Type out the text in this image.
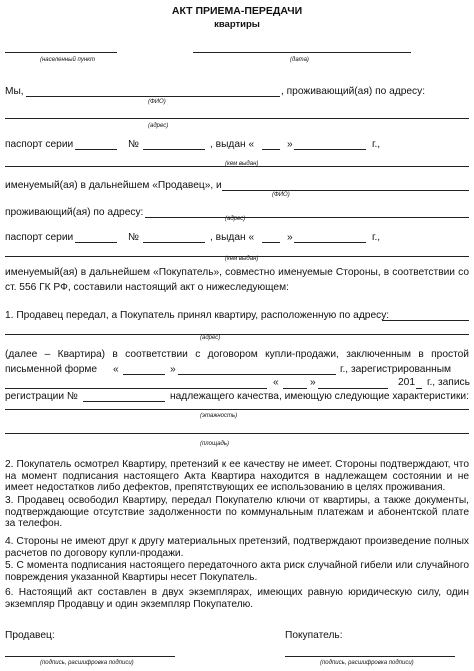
АКТ ПРИЕМА-ПЕРЕДАЧИ
квартиры
(населенный пункт	(дата)
Мы,	, проживающий(ая) по адресу:
(ФИО)
(адрес)
паспорт серии	№	, выдан «	»	г.,
(кем выдан)
именуемый(ая) в дальнейшем «Продавец», и
(ФИО)
проживающий(ая) по адресу:
(адрес)
паспорт серии	№	, выдан «	»	г.,
(кем выдан)
именуемый(ая) в дальнейшем «Покупатель», совместно именуемые Стороны, в соответствии со
ст. 556 ГК РФ, составили настоящий акт о нижеследующем:
1. Продавец передал, а Покупатель принял квартиру, расположенную по адресу:
(адрес)
(далее – Квартира) в соответствии с договором купли-продажи, заключенным в простой
письменной форме «	»	г., зарегистрированным
«	»	201 г., запись
регистрации №	надлежащего качества, имеющую следующие характеристики:
(этажность)
(площадь)
2. Покупатель осмотрел Квартиру, претензий к ее качеству не имеет. Стороны подтверждают, что на момент подписания настоящего Акта Квартира находится в надлежащем состоянии и не имеет недостатков либо дефектов, препятствующих ее использованию в целях проживания.
3. Продавец освободил Квартиру, передал Покупателю ключи от квартиры, а также документы, подтверждающие отсутствие задолженности по коммунальным платежам и абонентской плате за телефон.
4. Стороны не имеют друг к другу материальных претензий, подтверждают произведение полных расчетов по договору купли-продажи.
5. С момента подписания настоящего передаточного акта риск случайной гибели или случайного повреждения указанной Квартиры несет Покупатель.
6. Настоящий акт составлен в двух экземплярах, имеющих равную юридическую силу, один экземпляр Продавцу и один экземпляр Покупателю.
Продавец:
(подпись, расшифровка подписи)
Покупатель:
(подпись, расшифровка подписи)
